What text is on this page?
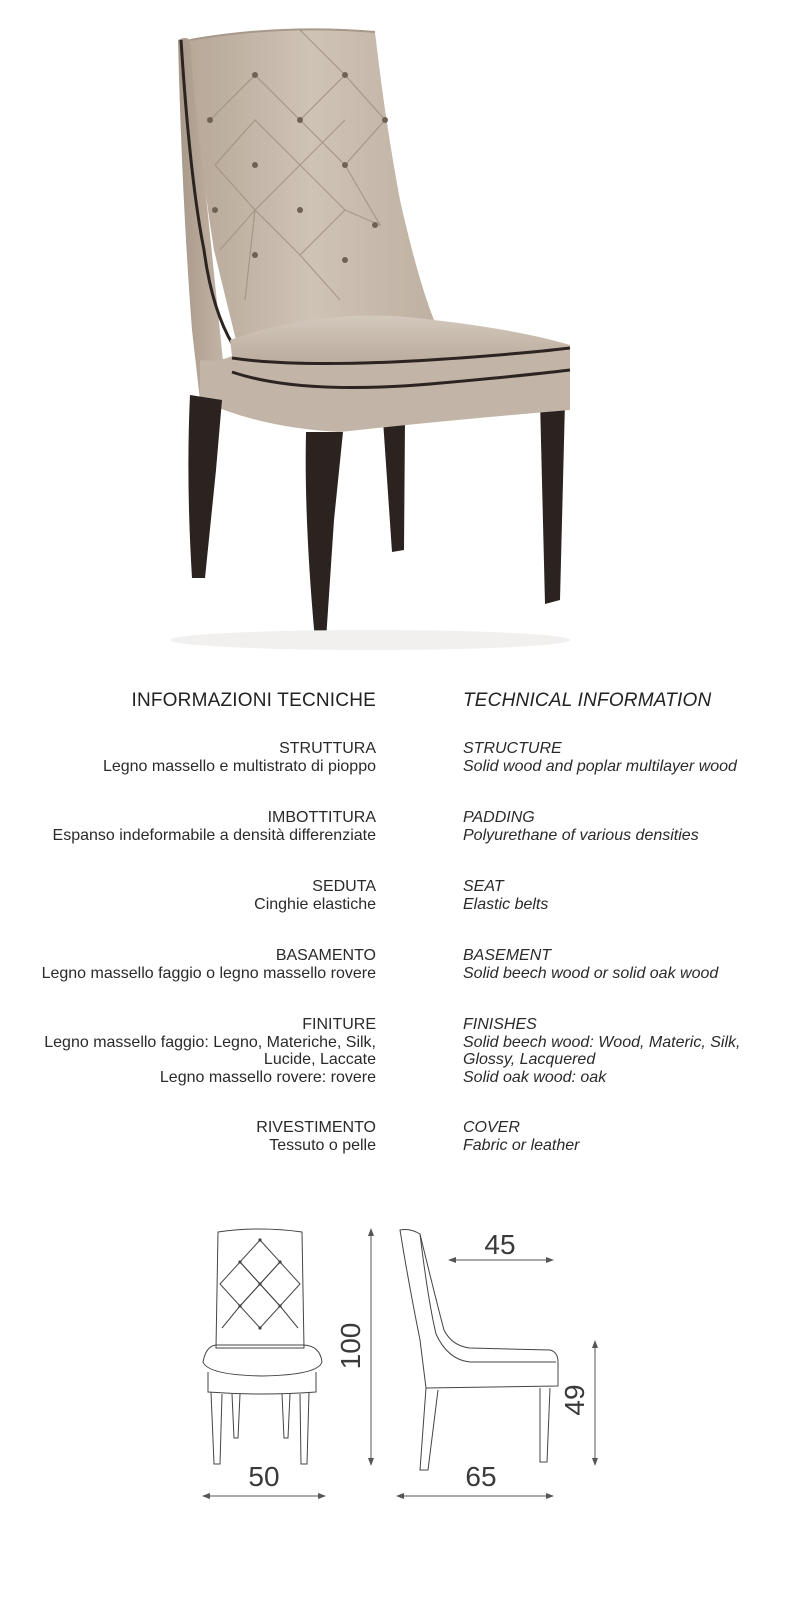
INFORMAZIONI TECNICHE	TECHNICAL INFORMATION
STRUTTURA
Legno massello e multistrato di pioppo
IMBOTTITURA
Espanso indeformabile a densità differenziate
SEDUTA
Cinghie elastiche
BASAMENTO
Legno massello faggio o legno massello rovere
FINITURE
Legno massello faggio: Legno, Materiche, Silk,
Lucide, Laccate
Legno massello rovere: rovere
RIVESTIMENTO
Tessuto o pelle
STRUCTURE
Solid wood and poplar multilayer wood
PADDING
Polyurethane of various densities
SEAT
Elastic belts
BASEMENT
Solid beech wood or solid oak wood
FINISHES
Solid beech wood: Wood, Materic, Silk,
Glossy, Lacquered
Solid oak wood: oak
COVER
Fabric or leather
50	65
45
100
49
